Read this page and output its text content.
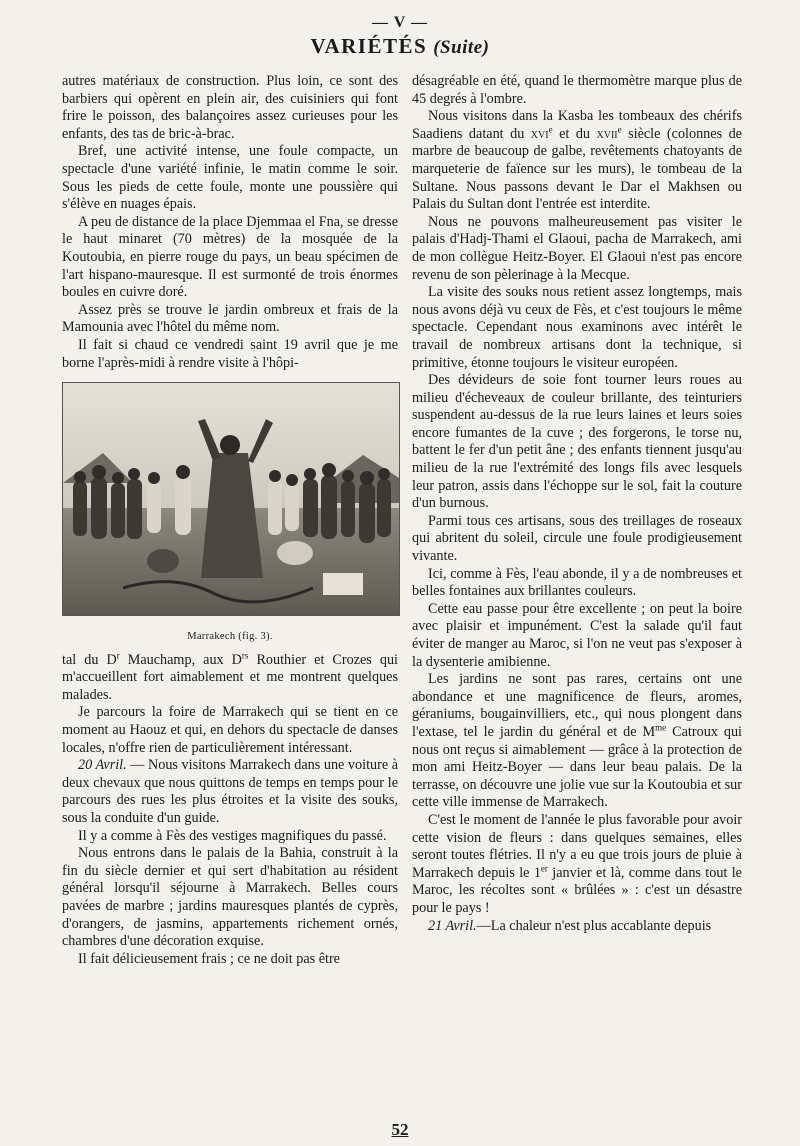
— V —
VARIÉTÉS (Suite)

autres matériaux de construction. Plus loin, ce sont des barbiers qui opèrent en plein air, des cuisiniers qui font frire le poisson, des balançoires assez curieuses pour les enfants, des tas de bric-à-brac.

Bref, une activité intense, une foule compacte, un spectacle d'une variété infinie, le matin comme le soir. Sous les pieds de cette foule, monte une poussière qui s'élève en nuages épais.

A peu de distance de la place Djemmaa el Fna, se dresse le haut minaret (70 mètres) de la mosquée de la Koutoubia, en pierre rouge du pays, un beau spécimen de l'art hispano-mauresque. Il est surmonté de trois énormes boules en cuivre doré.

Assez près se trouve le jardin ombreux et frais de la Mamounia avec l'hôtel du même nom.

Il fait si chaud ce vendredi saint 19 avril que je me borne l'après-midi à rendre visite à l'hôpi-

Marrakech (fig. 3).

tal du $D^r$ Mauchamp, aux $D^{rs}$ Routhier et Crozes qui m'accueillent fort aimablement et me montrent quelques malades.

Je parcours la foire de Marrakech qui se tient en ce moment au Haouz et qui, en dehors du spectacle de danses locales, n'offre rien de particulièrement intéressant.

20 Avril. — Nous visitons Marrakech dans une voiture à deux chevaux que nous quittons de temps en temps pour le parcours des rues les plus étroites et la visite des souks, sous la conduite d'un guide.

Il y a comme à Fès des vestiges magnifiques du passé.

Nous entrons dans le palais de la Bahia, construit à la fin du siècle dernier et qui sert d'habitation au résident général lorsqu'il séjourne à Marrakech. Belles cours pavées de marbre ; jardins mauresques plantés de cyprès, d'orangers, de jasmins, appartements richement ornés, chambres d'une décoration exquise.

Il fait délicieusement frais ; ce ne doit pas être

désagréable en été, quand le thermomètre marque plus de 45 degrés à l'ombre.

Nous visitons dans la Kasba les tombeaux des chérifs Saadiens datant du xvi$^e$ et du xvii$^e$ siècle (colonnes de marbre de beaucoup de galbe, revêtements chatoyants de marqueterie de faïence sur les murs), le tombeau de la Sultane. Nous passons devant le Dar el Makhsen ou Palais du Sultan dont l'entrée est interdite.

Nous ne pouvons malheureusement pas visiter le palais d'Hadj-Thami el Glaoui, pacha de Marrakech, ami de mon collègue Heitz-Boyer. El Glaoui n'est pas encore revenu de son pèlerinage à la Mecque.

La visite des souks nous retient assez longtemps, mais nous avons déjà vu ceux de Fès, et c'est toujours le même spectacle. Cependant nous examinons avec intérêt le travail de nombreux artisans dont la technique, si primitive, étonne toujours le visiteur européen.

Des dévideurs de soie font tourner leurs roues au milieu d'écheveaux de couleur brillante, des teinturiers suspendent au-dessus de la rue leurs laines et leurs soies encore fumantes de la cuve ; des forgerons, le torse nu, battent le fer d'un petit âne ; des enfants tiennent jusqu'au milieu de la rue l'extrémité des longs fils avec lesquels leur patron, assis dans l'échoppe sur le sol, fait la couture d'un burnous.

Parmi tous ces artisans, sous des treillages de roseaux qui abritent du soleil, circule une foule prodigieusement vivante.

Ici, comme à Fès, l'eau abonde, il y a de nombreuses et belles fontaines aux brillantes couleurs.

Cette eau passe pour être excellente ; on peut la boire avec plaisir et impunément. C'est la salade qu'il faut éviter de manger au Maroc, si l'on ne veut pas s'exposer à la dysenterie amibienne.

Les jardins ne sont pas rares, certains ont une abondance et une magnificence de fleurs, aromes, géraniums, bougainvilliers, etc., qui nous plongent dans l'extase, tel le jardin du général et de $M^{me}$ Catroux qui nous ont reçus si aimablement — grâce à la protection de mon ami Heitz-Boyer — dans leur beau palais. De la terrasse, on découvre une jolie vue sur la Koutoubia et sur cette ville immense de Marrakech.

C'est le moment de l'année le plus favorable pour avoir cette vision de fleurs : dans quelques semaines, elles seront toutes flétries. Il n'y a eu que trois jours de pluie à Marrakech depuis le 1er janvier et là, comme dans tout le Maroc, les récoltes sont « brûlées » : c'est un désastre pour le pays !

21 Avril.—La chaleur n'est plus accablante depuis

52
